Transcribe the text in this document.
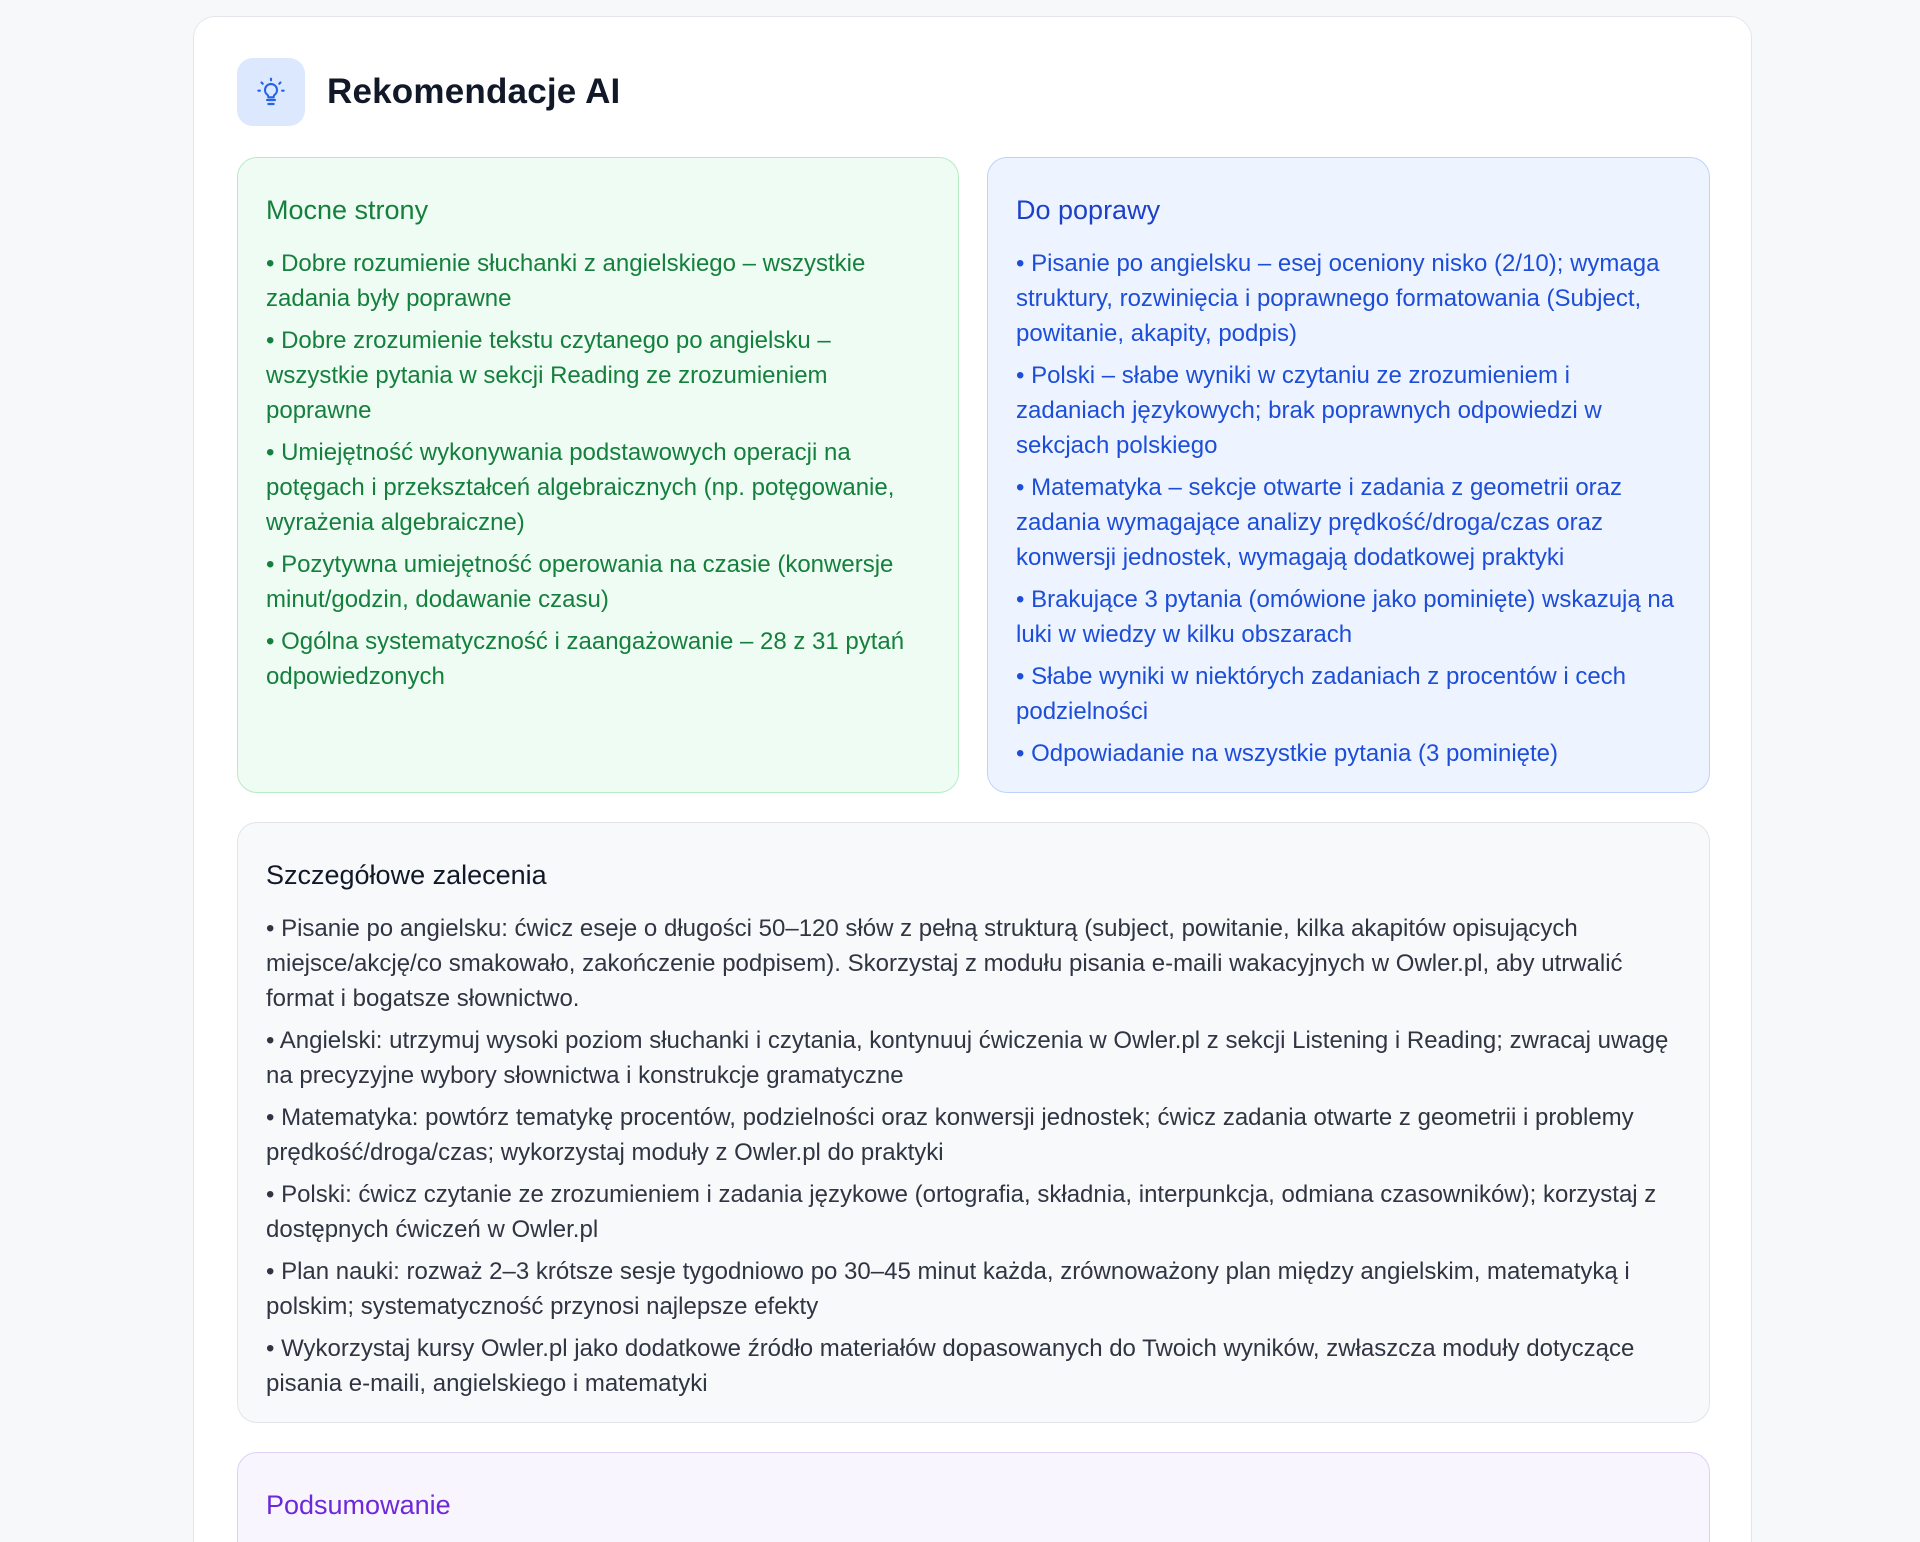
Rekomendacje AI
Mocne strony
• Dobre rozumienie słuchanki z angielskiego – wszystkie zadania były poprawne
• Dobre zrozumienie tekstu czytanego po angielsku – wszystkie pytania w sekcji Reading ze zrozumieniem poprawne
• Umiejętność wykonywania podstawowych operacji na potęgach i przekształceń algebraicznych (np. potęgowanie, wyrażenia algebraiczne)
• Pozytywna umiejętność operowania na czasie (konwersje minut/godzin, dodawanie czasu)
• Ogólna systematyczność i zaangażowanie – 28 z 31 pytań odpowiedzonych
Do poprawy
• Pisanie po angielsku – esej oceniony nisko (2/10); wymaga struktury, rozwinięcia i poprawnego formatowania (Subject, powitanie, akapity, podpis)
• Polski – słabe wyniki w czytaniu ze zrozumieniem i zadaniach językowych; brak poprawnych odpowiedzi w sekcjach polskiego
• Matematyka – sekcje otwarte i zadania z geometrii oraz zadania wymagające analizy prędkość/droga/czas oraz konwersji jednostek, wymagają dodatkowej praktyki
• Brakujące 3 pytania (omówione jako pominięte) wskazują na luki w wiedzy w kilku obszarach
• Słabe wyniki w niektórych zadaniach z procentów i cech podzielności
• Odpowiadanie na wszystkie pytania (3 pominięte)
Szczegółowe zalecenia
• Pisanie po angielsku: ćwicz eseje o długości 50–120 słów z pełną strukturą (subject, powitanie, kilka akapitów opisujących miejsce/akcję/co smakowało, zakończenie podpisem). Skorzystaj z modułu pisania e-maili wakacyjnych w Owler.pl, aby utrwalić format i bogatsze słownictwo.
• Angielski: utrzymuj wysoki poziom słuchanki i czytania, kontynuuj ćwiczenia w Owler.pl z sekcji Listening i Reading; zwracaj uwagę na precyzyjne wybory słownictwa i konstrukcje gramatyczne
• Matematyka: powtórz tematykę procentów, podzielności oraz konwersji jednostek; ćwicz zadania otwarte z geometrii i problemy prędkość/droga/czas; wykorzystaj moduły z Owler.pl do praktyki
• Polski: ćwicz czytanie ze zrozumieniem i zadania językowe (ortografia, składnia, interpunkcja, odmiana czasowników); korzystaj z dostępnych ćwiczeń w Owler.pl
• Plan nauki: rozważ 2–3 krótsze sesje tygodniowo po 30–45 minut każda, zrównoważony plan między angielskim, matematyką i polskim; systematyczność przynosi najlepsze efekty
• Wykorzystaj kursy Owler.pl jako dodatkowe źródło materiałów dopasowanych do Twoich wyników, zwłaszcza moduły dotyczące pisania e-maili, angielskiego i matematyki
Podsumowanie
